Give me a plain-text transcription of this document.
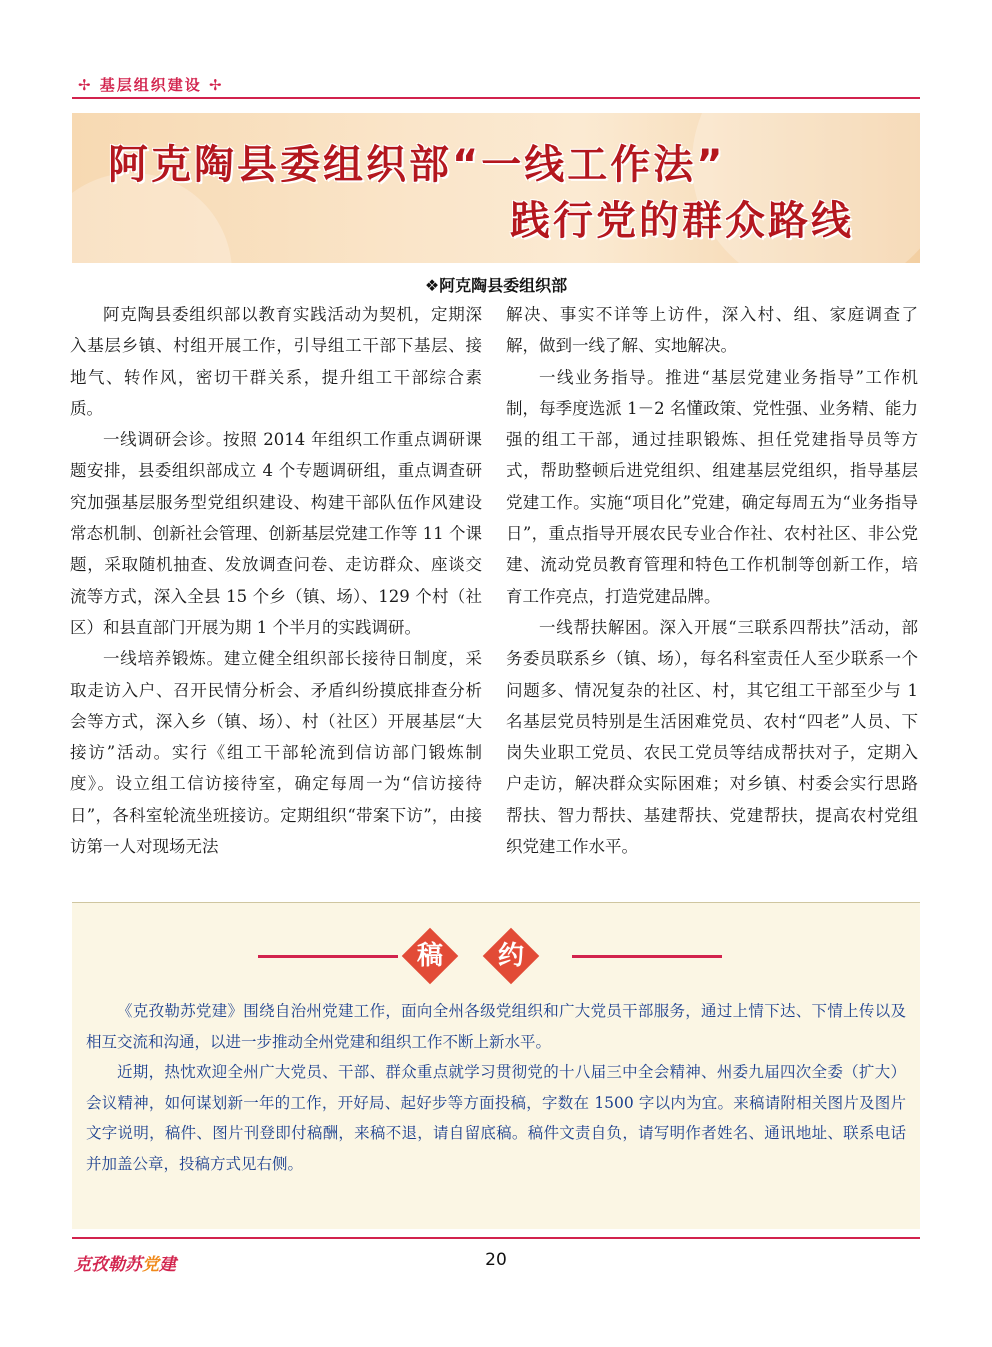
✢ 基层组织建设 ✢
阿克陶县委组织部“一线工作法”
践行党的群众路线
❖阿克陶县委组织部

阿克陶县委组织部以教育实践活动为契机，定期深入基层乡镇、村组开展工作，引导组工干部下基层、接地气、转作风，密切干群关系，提升组工干部综合素质。

一线调研会诊。按照 2014 年组织工作重点调研课题安排，县委组织部成立 4 个专题调研组，重点调查研究加强基层服务型党组织建设、构建干部队伍作风建设常态机制、创新社会管理、创新基层党建工作等 11 个课题，采取随机抽查、发放调查问卷、走访群众、座谈交流等方式，深入全县 15 个乡（镇、场）、129 个村（社区）和县直部门开展为期 1 个半月的实践调研。

一线培养锻炼。建立健全组织部长接待日制度，采取走访入户、召开民情分析会、矛盾纠纷摸底排查分析会等方式，深入乡（镇、场）、村（社区）开展基层“大接访”活动。实行《组工干部轮流到信访部门锻炼制度》。设立组工信访接待室，确定每周一为“信访接待日”，各科室轮流坐班接访。定期组织“带案下访”，由接访第一人对现场无法

解决、事实不详等上访件，深入村、组、家庭调查了解，做到一线了解、实地解决。

一线业务指导。推进“基层党建业务指导”工作机制，每季度选派 1－2 名懂政策、党性强、业务精、能力强的组工干部，通过挂职锻炼、担任党建指导员等方式，帮助整顿后进党组织、组建基层党组织，指导基层党建工作。实施“项目化”党建，确定每周五为“业务指导日”，重点指导开展农民专业合作社、农村社区、非公党建、流动党员教育管理和特色工作机制等创新工作，培育工作亮点，打造党建品牌。

一线帮扶解困。深入开展“三联系四帮扶”活动，部务委员联系乡（镇、场），每名科室责任人至少联系一个问题多、情况复杂的社区、村，其它组工干部至少与 1 名基层党员特别是生活困难党员、农村“四老”人员、下岗失业职工党员、农民工党员等结成帮扶对子，定期入户走访，解决群众实际困难；对乡镇、村委会实行思路帮扶、智力帮扶、基建帮扶、党建帮扶，提高农村党组织党建工作水平。

稿	约

《克孜勒苏党建》围绕自治州党建工作，面向全州各级党组织和广大党员干部服务，通过上情下达、下情上传以及相互交流和沟通，以进一步推动全州党建和组织工作不断上新水平。

近期，热忱欢迎全州广大党员、干部、群众重点就学习贯彻党的十八届三中全会精神、州委九届四次全委（扩大）会议精神，如何谋划新一年的工作，开好局、起好步等方面投稿，字数在 1500 字以内为宜。来稿请附相关图片及图片文字说明，稿件、图片刊登即付稿酬，来稿不退，请自留底稿。稿件文责自负，请写明作者姓名、通讯地址、联系电话并加盖公章，投稿方式见右侧。

克孜勒苏党建	20
